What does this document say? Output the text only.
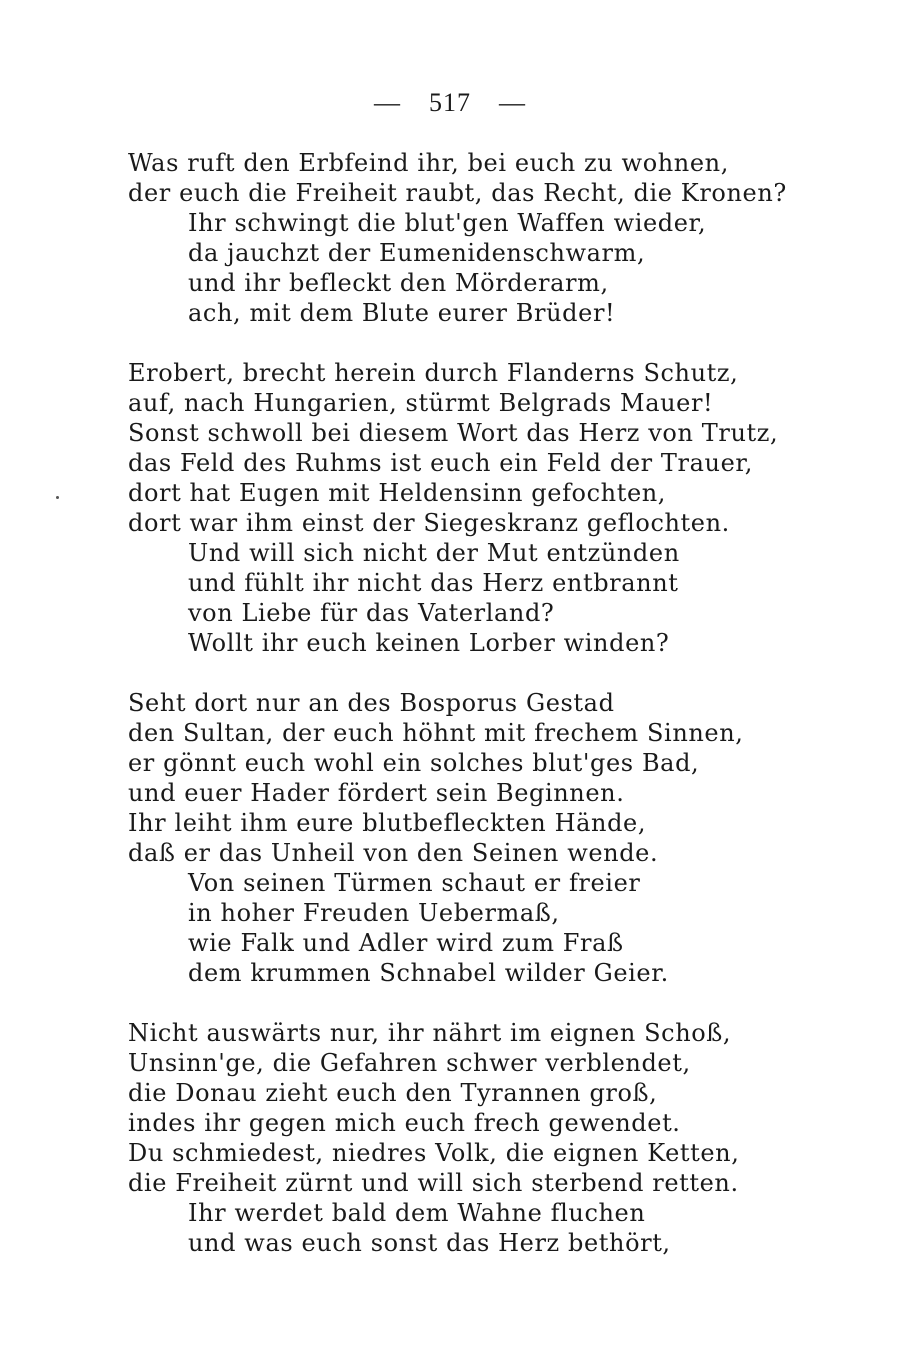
— 517 —
Was ruft den Erbfeind ihr, bei euch zu wohnen,
der euch die Freiheit raubt, das Recht, die Kronen?
Ihr schwingt die blut'gen Waffen wieder,
da jauchzt der Eumenidenschwarm,
und ihr befleckt den Mörderarm,
ach, mit dem Blute eurer Brüder!
Erobert, brecht herein durch Flanderns Schutz,
auf, nach Hungarien, stürmt Belgrads Mauer!
Sonst schwoll bei diesem Wort das Herz von Trutz,
das Feld des Ruhms ist euch ein Feld der Trauer,
dort hat Eugen mit Heldensinn gefochten,
dort war ihm einst der Siegeskranz geflochten.
Und will sich nicht der Mut entzünden
und fühlt ihr nicht das Herz entbrannt
von Liebe für das Vaterland?
Wollt ihr euch keinen Lorber winden?
Seht dort nur an des Bosporus Gestad
den Sultan, der euch höhnt mit frechem Sinnen,
er gönnt euch wohl ein solches blut'ges Bad,
und euer Hader fördert sein Beginnen.
Ihr leiht ihm eure blutbefleckten Hände,
daß er das Unheil von den Seinen wende.
Von seinen Türmen schaut er freier
in hoher Freuden Uebermaß,
wie Falk und Adler wird zum Fraß
dem krummen Schnabel wilder Geier.
Nicht auswärts nur, ihr nährt im eignen Schoß,
Unsinn'ge, die Gefahren schwer verblendet,
die Donau zieht euch den Tyrannen groß,
indes ihr gegen mich euch frech gewendet.
Du schmiedest, niedres Volk, die eignen Ketten,
die Freiheit zürnt und will sich sterbend retten.
Ihr werdet bald dem Wahne fluchen
und was euch sonst das Herz bethört,
